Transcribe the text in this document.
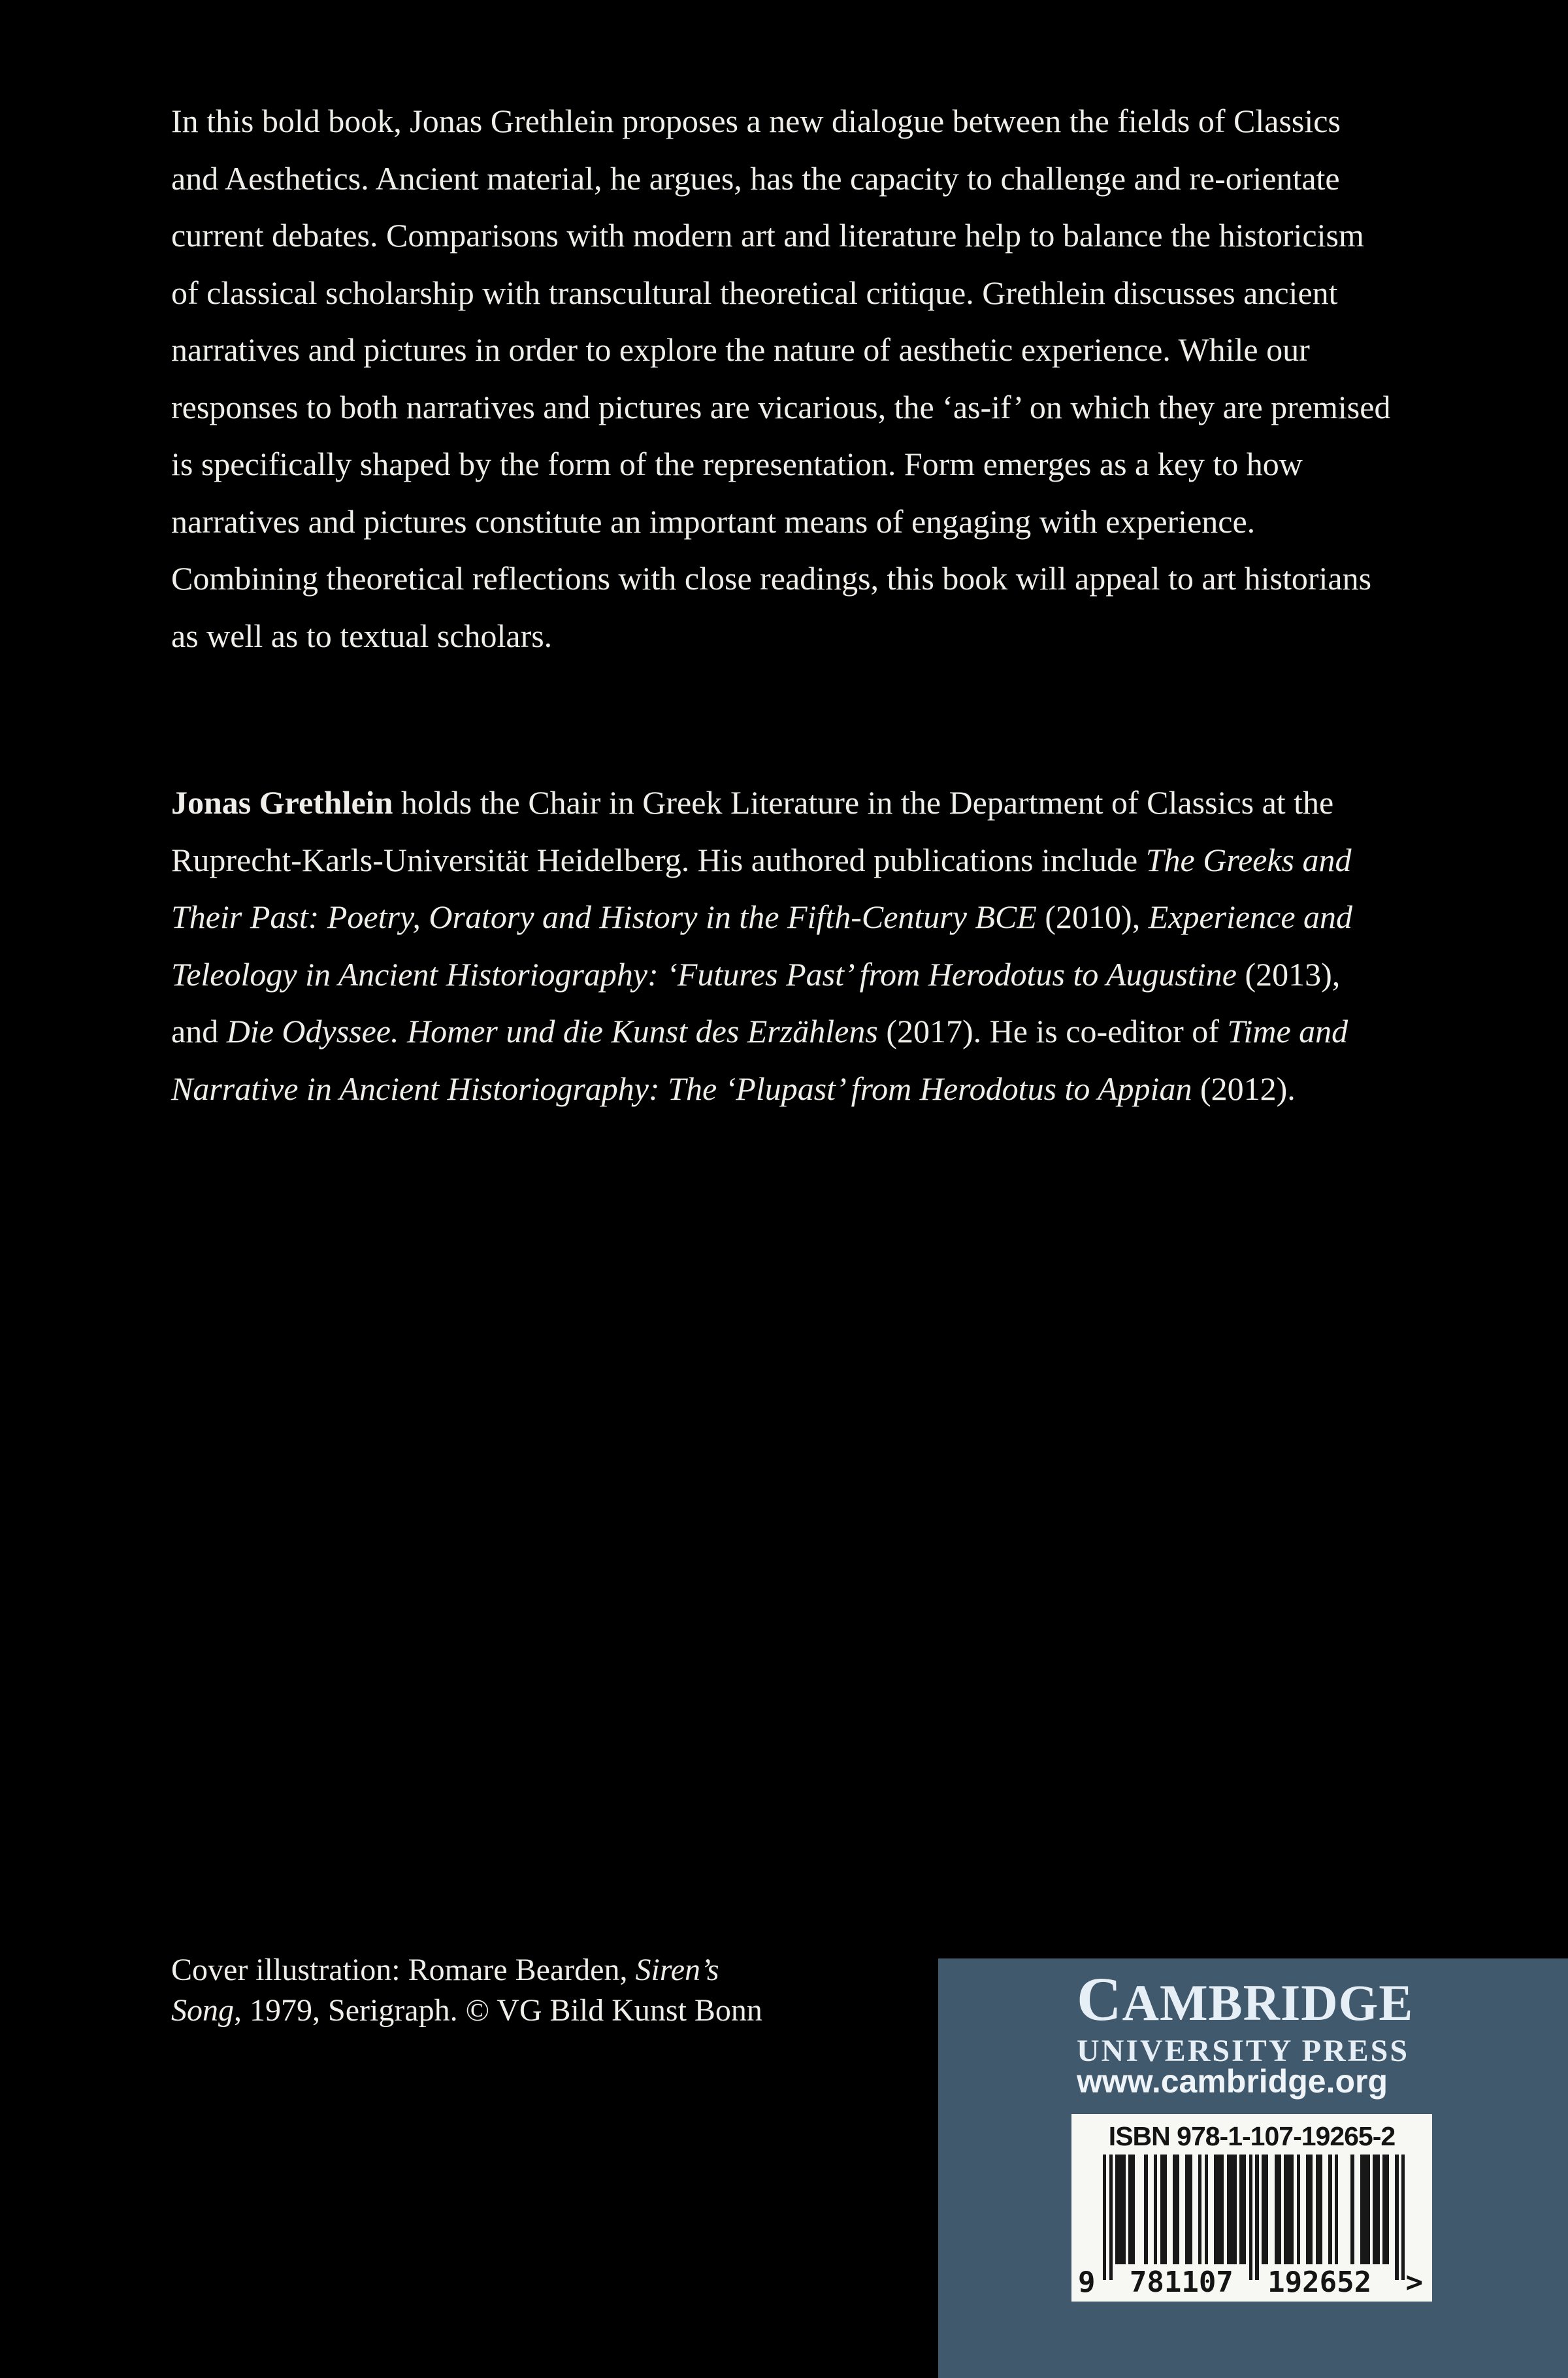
In this bold book, Jonas Grethlein proposes a new dialogue between the fields of Classics and Aesthetics. Ancient material, he argues, has the capacity to challenge and re-orientate current debates. Comparisons with modern art and literature help to balance the historicism of classical scholarship with transcultural theoretical critique. Grethlein discusses ancient narratives and pictures in order to explore the nature of aesthetic experience. While our responses to both narratives and pictures are vicarious, the ‘as-if’ on which they are premised is specifically shaped by the form of the representation. Form emerges as a key to how narratives and pictures constitute an important means of engaging with experience. Combining theoretical reflections with close readings, this book will appeal to art historians as well as to textual scholars.

Jonas Grethlein holds the Chair in Greek Literature in the Department of Classics at the Ruprecht-Karls-Universität Heidelberg. His authored publications include The Greeks and Their Past: Poetry, Oratory and History in the Fifth-Century BCE (2010), Experience and Teleology in Ancient Historiography: ‘Futures Past’ from Herodotus to Augustine (2013), and Die Odyssee. Homer und die Kunst des Erzählens (2017). He is co-editor of Time and Narrative in Ancient Historiography: The ‘Plupast’ from Herodotus to Appian (2012).

Cover illustration: Romare Bearden, Siren’s
Song, 1979, Serigraph. © VG Bild Kunst Bonn	CAMBRIDGE
UNIVERSITY PRESS
www.cambridge.org
ISBN 978-1-107-19265-2
9 781107 192652 >
